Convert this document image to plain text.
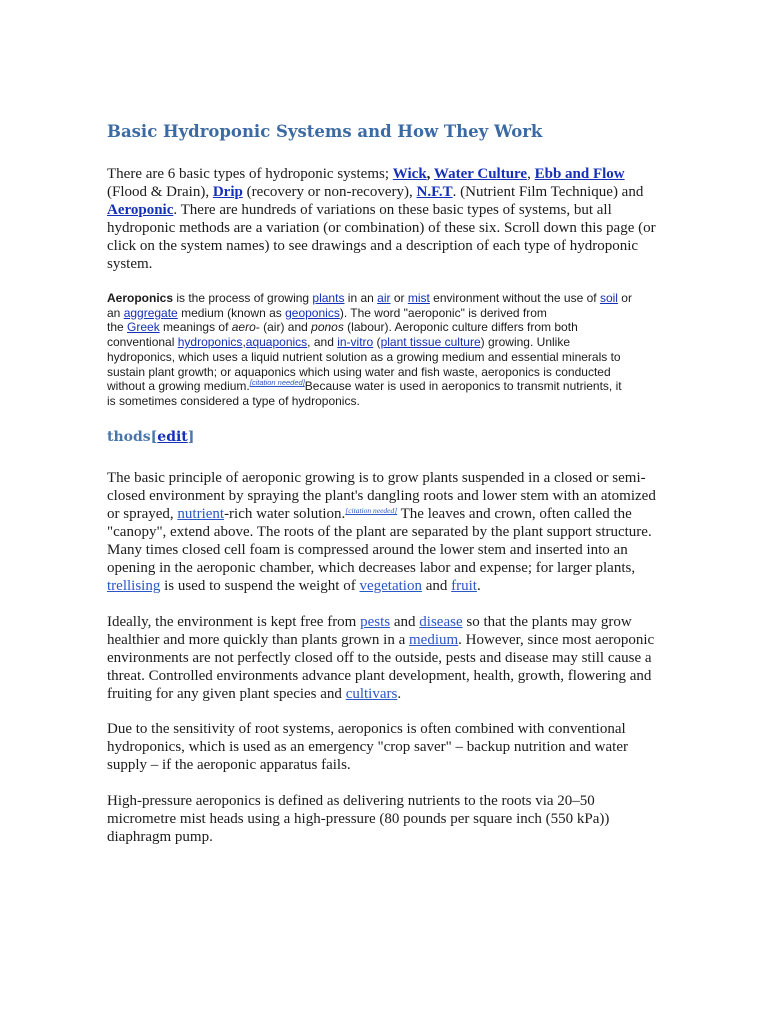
Basic Hydroponic Systems and How They Work
There are 6 basic types of hydroponic systems; Wick, Water Culture, Ebb and Flow
(Flood & Drain), Drip (recovery or non-recovery), N.F.T. (Nutrient Film Technique) and
Aeroponic. There are hundreds of variations on these basic types of systems, but all
hydroponic methods are a variation (or combination) of these six. Scroll down this page (or
click on the system names) to see drawings and a description of each type of hydroponic
system.
Aeroponics is the process of growing plants in an air or mist environment without the use of soil or
an aggregate medium (known as geoponics). The word "aeroponic" is derived from
the Greek meanings of aero- (air) and ponos (labour). Aeroponic culture differs from both
conventional hydroponics,aquaponics, and in-vitro (plant tissue culture) growing. Unlike
hydroponics, which uses a liquid nutrient solution as a growing medium and essential minerals to
sustain plant growth; or aquaponics which using water and fish waste, aeroponics is conducted
without a growing medium.[citation needed]Because water is used in aeroponics to transmit nutrients, it
is sometimes considered a type of hydroponics.
thods[edit]
The basic principle of aeroponic growing is to grow plants suspended in a closed or semi-
closed environment by spraying the plant's dangling roots and lower stem with an atomized
or sprayed, nutrient-rich water solution.[citation needed] The leaves and crown, often called the
"canopy", extend above. The roots of the plant are separated by the plant support structure.
Many times closed cell foam is compressed around the lower stem and inserted into an
opening in the aeroponic chamber, which decreases labor and expense; for larger plants,
trellising is used to suspend the weight of vegetation and fruit.
Ideally, the environment is kept free from pests and disease so that the plants may grow
healthier and more quickly than plants grown in a medium. However, since most aeroponic
environments are not perfectly closed off to the outside, pests and disease may still cause a
threat. Controlled environments advance plant development, health, growth, flowering and
fruiting for any given plant species and cultivars.
Due to the sensitivity of root systems, aeroponics is often combined with conventional
hydroponics, which is used as an emergency "crop saver" – backup nutrition and water
supply – if the aeroponic apparatus fails.
High-pressure aeroponics is defined as delivering nutrients to the roots via 20–50
micrometre mist heads using a high-pressure (80 pounds per square inch (550 kPa))
diaphragm pump.
